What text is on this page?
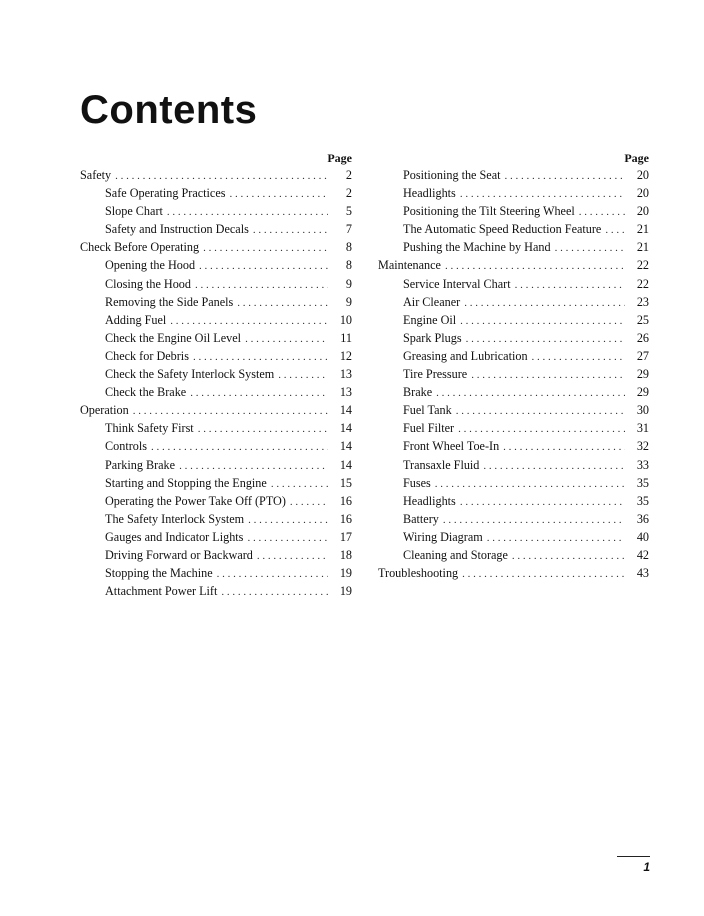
Contents
Page
Safety . . .	2
Safe Operating Practices . . .	2
Slope Chart . . .	5
Safety and Instruction Decals . . .	7
Check Before Operating . . .	8
Opening the Hood . . .	8
Closing the Hood . . .	9
Removing the Side Panels . . .	9
Adding Fuel . . .	10
Check the Engine Oil Level . . .	11
Check for Debris . . .	12
Check the Safety Interlock System . . .	13
Check the Brake . . .	13
Operation . . .	14
Think Safety First . . .	14
Controls . . .	14
Parking Brake . . .	14
Starting and Stopping the Engine . . .	15
Operating the Power Take Off (PTO) . . .	16
The Safety Interlock System . . .	16
Gauges and Indicator Lights . . .	17
Driving Forward or Backward . . .	18
Stopping the Machine . . .	19
Attachment Power Lift . . .	19
Page
Positioning the Seat . . .	20
Headlights . . .	20
Positioning the Tilt Steering Wheel . . .	20
The Automatic Speed Reduction Feature . . .	21
Pushing the Machine by Hand . . .	21
Maintenance . . .	22
Service Interval Chart . . .	22
Air Cleaner . . .	23
Engine Oil . . .	25
Spark Plugs . . .	26
Greasing and Lubrication . . .	27
Tire Pressure . . .	29
Brake . . .	29
Fuel Tank . . .	30
Fuel Filter . . .	31
Front Wheel Toe-In . . .	32
Transaxle Fluid . . .	33
Fuses . . .	35
Headlights . . .	35
Battery . . .	36
Wiring Diagram . . .	40
Cleaning and Storage . . .	42
Troubleshooting . . .	43
1
